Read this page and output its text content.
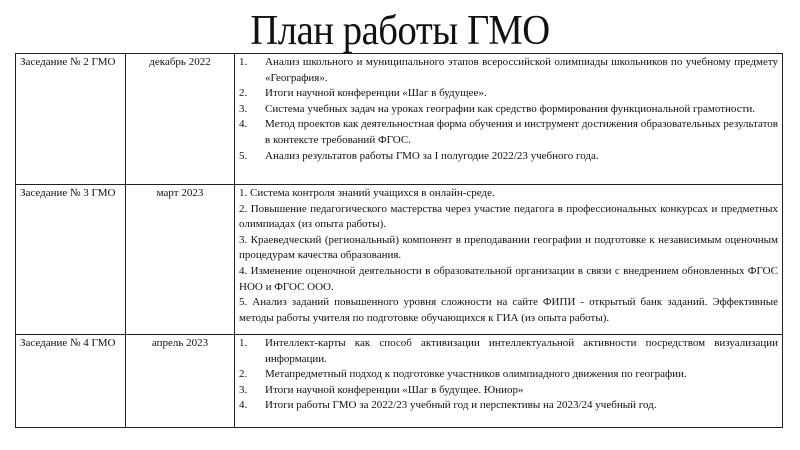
План работы ГМО
Заседание № 2 ГМО	декабрь 2022	1.	Анализ школьного и муниципального этапов всероссийской олимпиады школьников по учебному предмету «География».
2.	Итоги научной конференции «Шаг в будущее».
3.	Система учебных задач на уроках географии как средство формирования функциональной грамотности.
4.	Метод проектов как деятельностная форма обучения и инструмент достижения образовательных результатов в контексте требований ФГОС.
5.	Анализ результатов работы ГМО за I полугодие 2022/23 учебного года.

Заседание № 3 ГМО	март 2023	1. Система контроля знаний учащихся в онлайн-среде.
2. Повышение педагогического мастерства через участие педагога в профессиональных конкурсах и предметных олимпиадах (из опыта работы).
3. Краеведческий (региональный) компонент в преподавании географии и подготовке к независимым оценочным процедурам качества образования.
4. Изменение оценочной деятельности в образовательной организации в связи с внедрением обновленных ФГОС НОО и ФГОС ООО.
5. Анализ заданий повышенного уровня сложности на сайте ФИПИ - открытый банк заданий. Эффективные методы работы учителя по подготовке обучающихся к ГИА (из опыта работы).

Заседание № 4 ГМО	апрель 2023	1.	Интеллект-карты как способ активизации интеллектуальной активности посредством визуализации информации.
2.	Метапредметный подход к подготовке участников олимпиадного движения по географии.
3.	Итоги научной конференции «Шаг в будущее. Юниор»
4.	Итоги работы ГМО за 2022/23 учебный год и перспективы на 2023/24 учебный год.
